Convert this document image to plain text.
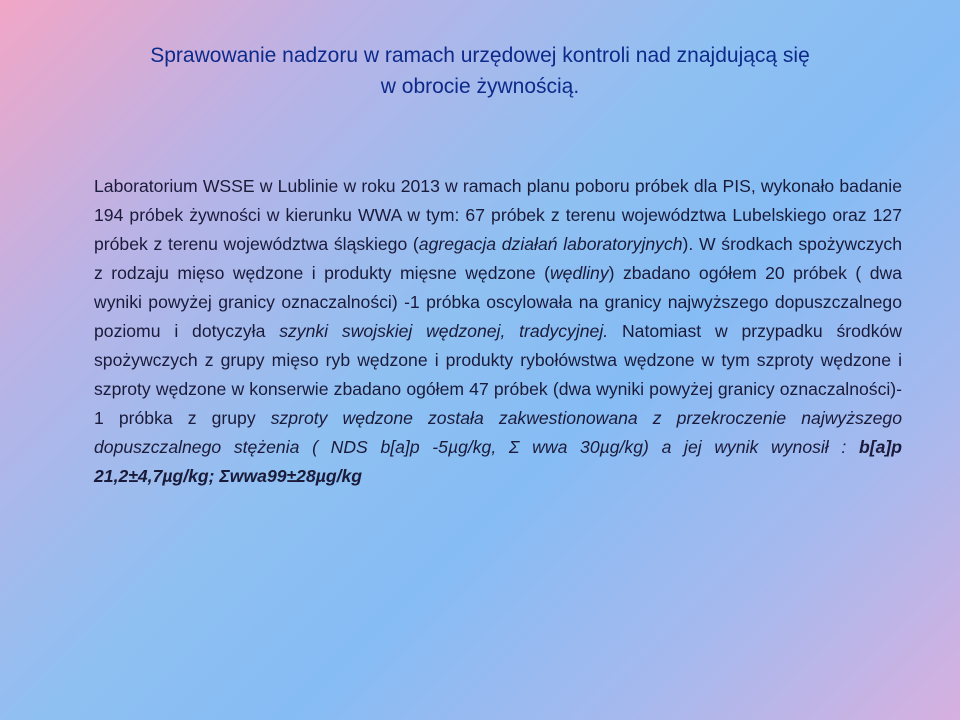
Sprawowanie nadzoru w ramach urzędowej kontroli nad znajdującą się
w obrocie żywnością.
Laboratorium WSSE w Lublinie w roku 2013 w ramach planu poboru próbek dla PIS, wykonało badanie 194 próbek żywności w kierunku WWA w tym: 67 próbek z terenu województwa Lubelskiego oraz 127 próbek z terenu województwa śląskiego (agregacja działań laboratoryjnych). W środkach spożywczych z rodzaju mięso wędzone i produkty mięsne wędzone (wędliny) zbadano ogółem 20 próbek ( dwa wyniki powyżej granicy oznaczalności) -1 próbka oscylowała na granicy najwyższego dopuszczalnego poziomu i dotyczyła szynki swojskiej wędzonej, tradycyjnej. Natomiast w przypadku środków spożywczych z grupy mięso ryb wędzone i produkty rybołówstwa wędzone w tym szproty wędzone i szproty wędzone w konserwie zbadano ogółem 47 próbek (dwa wyniki powyżej granicy oznaczalności)- 1 próbka z grupy szproty wędzone została zakwestionowana z przekroczenie najwyższego dopuszczalnego stężenia ( NDS b[a]p -5µg/kg, Σ wwa 30µg/kg) a jej wynik wynosił : b[a]p 21,2±4,7µg/kg; Σwwa99±28µg/kg
